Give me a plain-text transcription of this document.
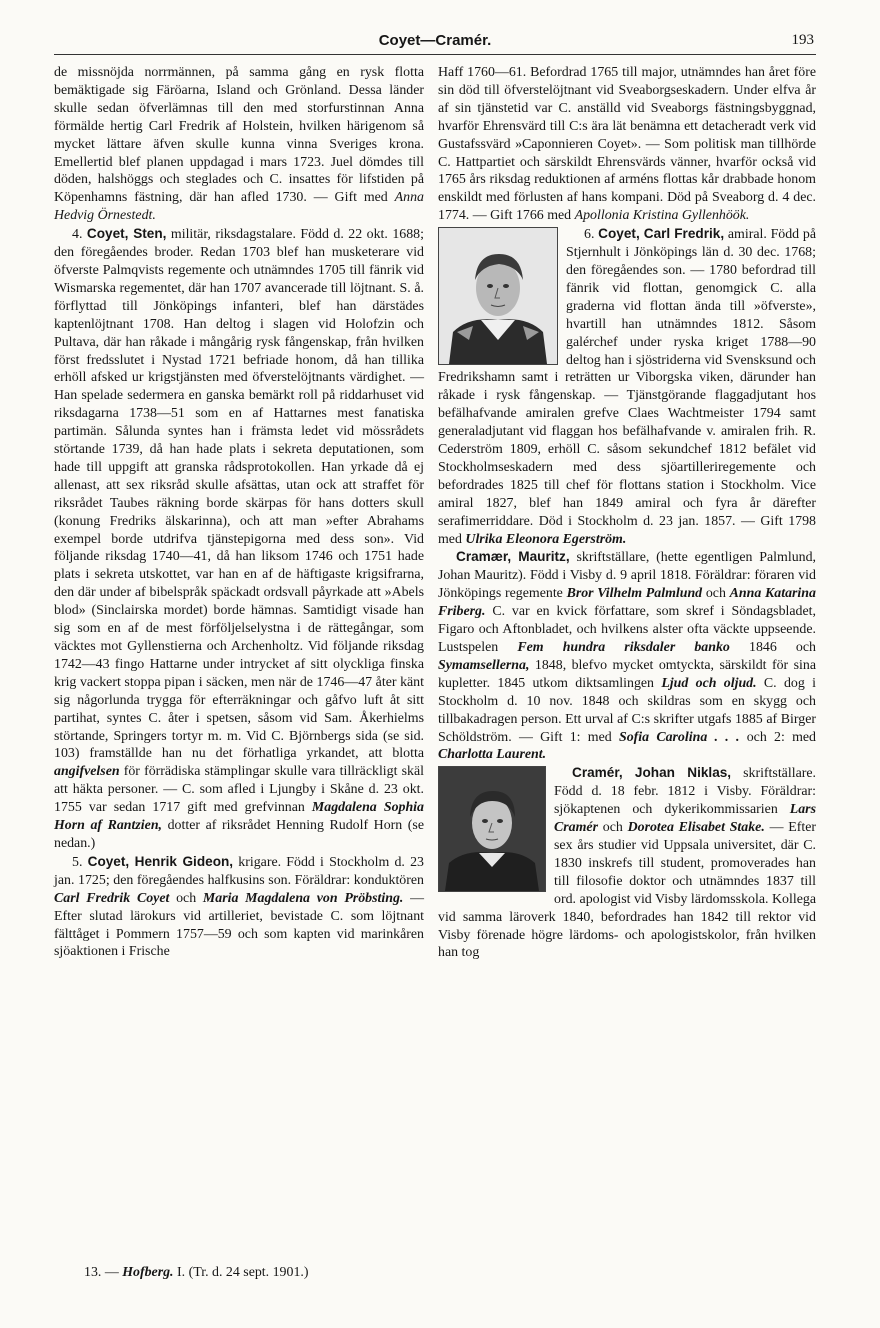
Coyet—Cramér.	193

de missnöjda norrmännen, på samma gång en rysk flotta bemäktigade sig Färöarna, Island och Grönland. Dessa länder skulle sedan öfverlämnas till den med storfurstinnan Anna förmälde hertig Carl Fredrik af Holstein, hvilken härigenom så mycket lättare äfven skulle kunna vinna Sveriges krona. Emellertid blef planen uppdagad i mars 1723. Juel dömdes till döden, halshöggs och steglades och C. insattes för lifstiden på Köpenhamns fästning, där han afled 1730. — Gift med Anna Hedvig Örnestedt.

4. Coyet, Sten, militär, riksdagstalare. Född d. 22 okt. 1688; den föregåendes broder. Redan 1703 blef han musketerare vid öfverste Palmqvists regemente och utnämndes 1705 till fänrik vid Wismarska regementet, där han 1707 avancerade till löjtnant. S. å. förflyttad till Jönköpings infanteri, blef han därstädes kaptenlöjtnant 1708. Han deltog i slagen vid Holofzin och Pultava, där han råkade i mångårig rysk fångenskap, från hvilken först fredsslutet i Nystad 1721 befriade honom, då han tillika erhöll afsked ur krigstjänsten med öfverstelöjtnants värdighet. — Han spelade sedermera en ganska bemärkt roll på riddarhuset vid riksdagarna 1738—51 som en af Hattarnes mest fanatiska partimän. Sålunda syntes han i främsta ledet vid mössrådets störtande 1739, då han hade plats i sekreta deputationen, som hade till uppgift att granska rådsprotokollen. Han yrkade då ej allenast, att sex riksråd skulle afsättas, utan ock att straffet för riksrådet Taubes räkning borde skärpas för hans dotters skull (konung Fredriks älskarinna), och att man »efter Abrahams exempel borde utdrifva tjänstepigorna med dess son». Vid följande riksdag 1740—41, då han liksom 1746 och 1751 hade plats i sekreta utskottet, var han en af de häftigaste krigsifrarna, den där under af bibelspråk späckadt ordsvall påyrkade att »Abels blod» (Sinclairska mordet) borde hämnas. Samtidigt visade han sig som en af de mest förföljelselystna i de rättegångar, som väcktes mot Gyllenstierna och Archenholtz. Vid följande riksdag 1742—43 fingo Hattarne under intrycket af sitt olyckliga finska krig vackert stoppa pipan i säcken, men när de 1746—47 åter känt sig någorlunda trygga för efterräkningar och gåfvo luft åt sitt partihat, syntes C. åter i spetsen, såsom vid Sam. Åkerhielms störtande, Springers tortyr m. m. Vid C. Björnbergs sida (se sid. 103) framställde han nu det förhatliga yrkandet, att blotta angifvelsen för förrädiska stämplingar skulle vara tillräckligt skäl att häkta personer. — C. som afled i Ljungby i Skåne d. 23 okt. 1755 var sedan 1717 gift med grefvinnan Magdalena Sophia Horn af Rantzien, dotter af riksrådet Henning Rudolf Horn (se nedan.)

5. Coyet, Henrik Gideon, krigare. Född i Stockholm d. 23 jan. 1725; den föregåendes halfkusins son. Föräldrar: konduktören Carl Fredrik Coyet och Maria Magdalena von Pröbsting. — Efter slutad lärokurs vid artilleriet, bevistade C. som löjtnant fälttåget i Pommern 1757—59 och som kapten vid marinkåren sjöaktionen i Frische

Haff 1760—61. Befordrad 1765 till major, utnämndes han året före sin död till öfverstelöjtnant vid Sveaborgseskadern. Under elfva år af sin tjänstetid var C. anställd vid Sveaborgs fästningsbyggnad, hvarför Ehrensvärd till C:s ära lät benämna ett detacheradt verk vid Gustafssvärd »Caponnieren Coyet». — Som politisk man tillhörde C. Hattpartiet och särskildt Ehrensvärds vänner, hvarför också vid 1765 års riksdag reduktionen af arméns flottas kår drabbade honom enskildt med förlusten af hans kompani. Död på Sveaborg d. 4 dec. 1774. — Gift 1766 med Apollonia Kristina Gyllenhöök.

6. Coyet, Carl Fredrik, amiral. Född på Stjernhult i Jönköpings län d. 30 dec. 1768; den föregåendes son. — 1780 befordrad till fänrik vid flottan, genomgick C. alla graderna vid flottan ända till »öfverste», hvartill han utnämndes 1812. Såsom galérchef under ryska kriget 1788—90 deltog han i sjöstriderna vid Svensksund och Fredrikshamn samt i reträtten ur Viborgska viken, därunder han råkade i rysk fångenskap. — Tjänstgörande flaggadjutant hos befälhafvande amiralen grefve Claes Wachtmeister 1794 samt generaladjutant vid flaggan hos befälhafvande v. amiralen frih. R. Cederström 1809, erhöll C. såsom sekundchef 1812 befälet vid Stockholmseskadern med dess sjöartilleriregemente och befordrades 1825 till chef för flottans station i Stockholm. Vice amiral 1827, blef han 1849 amiral och fyra år därefter serafimerriddare. Död i Stockholm d. 23 jan. 1857. — Gift 1798 med Ulrika Eleonora Egerström.

Cramær, Mauritz, skriftställare, (hette egentligen Palmlund, Johan Mauritz). Född i Visby d. 9 april 1818. Föräldrar: föraren vid Jönköpings regemente Bror Vilhelm Palmlund och Anna Katarina Friberg. C. var en kvick författare, som skref i Söndagsbladet, Figaro och Aftonbladet, och hvilkens alster ofta väckte uppseende. Lustspelen Fem hundra riksdaler banko 1846 och Symamsellerna, 1848, blefvo mycket omtyckta, särskildt för sina kupletter. 1845 utkom diktsamlingen Ljud och oljud. C. dog i Stockholm d. 10 nov. 1848 och skildras som en skygg och tillbakadragen person. Ett urval af C:s skrifter utgafs 1885 af Birger Schöldström. — Gift 1: med Sofia Carolina . . . och 2: med Charlotta Laurent.

Cramér, Johan Niklas, skriftställare. Född d. 18 febr. 1812 i Visby. Föräldrar: sjökaptenen och dykerikommissarien Lars Cramér och Dorotea Elisabet Stake. — Efter sex års studier vid Uppsala universitet, där C. 1830 inskrefs till student, promoverades han till filosofie doktor och utnämndes 1837 till ord. apologist vid Visby lärdomsskola. Kollega vid samma läroverk 1840, befordrades han 1842 till rektor vid Visby förenade högre lärdoms- och apologistskolor, från hvilken han tog

13. — Hofberg. I. (Tr. d. 24 sept. 1901.)
